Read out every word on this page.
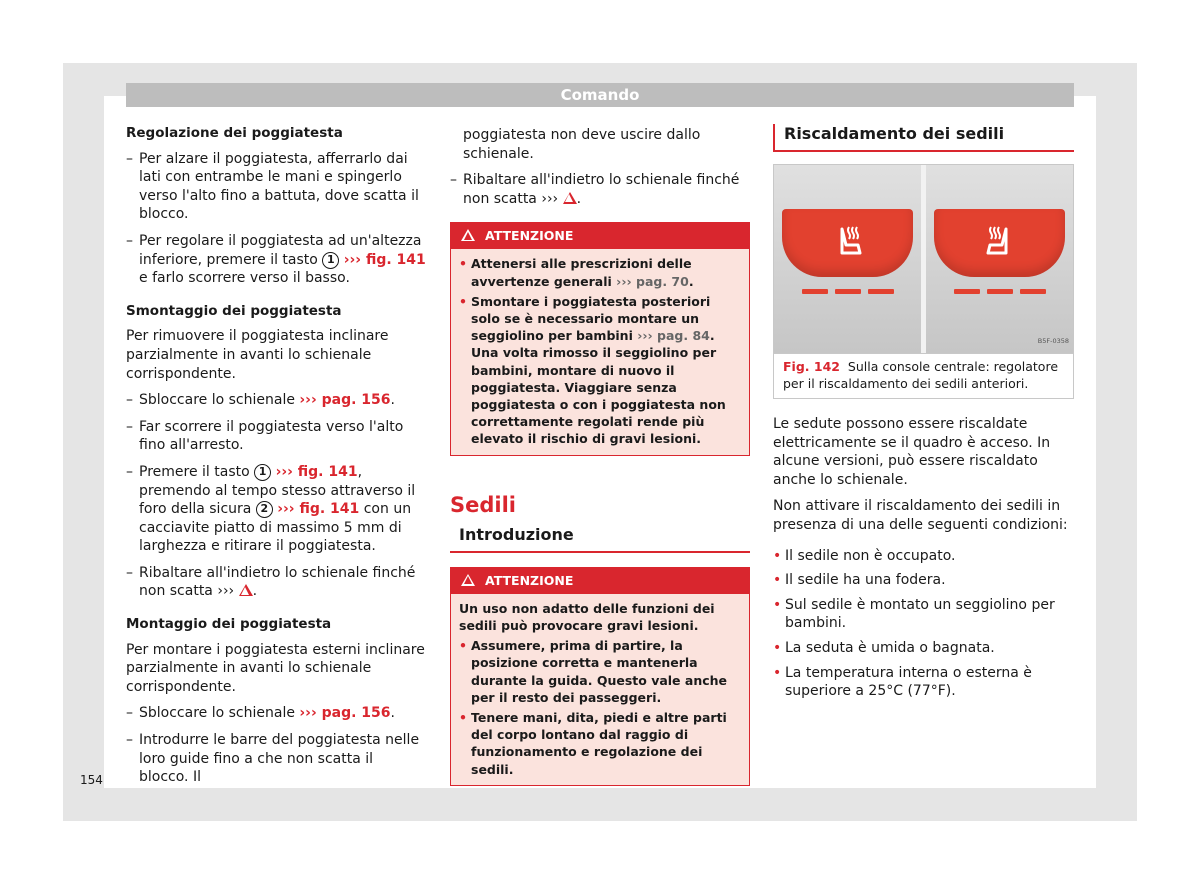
Comando
Regolazione dei poggiatesta
– Per alzare il poggiatesta, afferrarlo dai lati con entrambe le mani e spingerlo verso l'alto fino a battuta, dove scatta il blocco.
– Per regolare il poggiatesta ad un'altezza inferiore, premere il tasto 1 ››› fig. 141 e farlo scorrere verso il basso.
Smontaggio dei poggiatesta

Per rimuovere il poggiatesta inclinare parzialmente in avanti lo schienale corrispondente.

– Sbloccare lo schienale ››› pag. 156.
– Far scorrere il poggiatesta verso l'alto fino all'arresto.
– Premere il tasto 1 ››› fig. 141, premendo al tempo stesso attraverso il foro della sicura 2 ››› fig. 141 con un cacciavite piatto di massimo 5 mm di larghezza e ritirare il poggiatesta.
– Ribaltare all'indietro lo schienale finché non scatta ››› .
Montaggio dei poggiatesta

Per montare i poggiatesta esterni inclinare parzialmente in avanti lo schienale corrispondente.

– Sbloccare lo schienale ››› pag. 156.
– Introdurre le barre del poggiatesta nelle loro guide fino a che non scatta il blocco. Il

poggiatesta non deve uscire dallo schienale.

– Ribaltare all'indietro lo schienale finché non scatta ››› .
ATTENZIONE
• Attenersi alle prescrizioni delle avvertenze generali ››› pag. 70.
• Smontare i poggiatesta posteriori solo se è necessario montare un seggiolino per bambini ››› pag. 84. Una volta rimosso il seggiolino per bambini, montare di nuovo il poggiatesta. Viaggiare senza poggiatesta o con i poggiatesta non correttamente regolati rende più elevato il rischio di gravi lesioni.
Sedili
Introduzione
ATTENZIONE

Un uso non adatto delle funzioni dei sedili può provocare gravi lesioni.

• Assumere, prima di partire, la posizione corretta e mantenerla durante la guida. Questo vale anche per il resto dei passeggeri.
• Tenere mani, dita, piedi e altre parti del corpo lontano dal raggio di funzionamento e regolazione dei sedili.
Riscaldamento dei sedili
B5F-0358
Fig. 142 Sulla console centrale: regolatore per il riscaldamento dei sedili anteriori.

Le sedute possono essere riscaldate elettricamente se il quadro è acceso. In alcune versioni, può essere riscaldato anche lo schienale.

Non attivare il riscaldamento dei sedili in presenza di una delle seguenti condizioni:

• Il sedile non è occupato.
• Il sedile ha una fodera.
• Sul sedile è montato un seggiolino per bambini.
• La seduta è umida o bagnata.
• La temperatura interna o esterna è superiore a 25°C (77°F).
154
